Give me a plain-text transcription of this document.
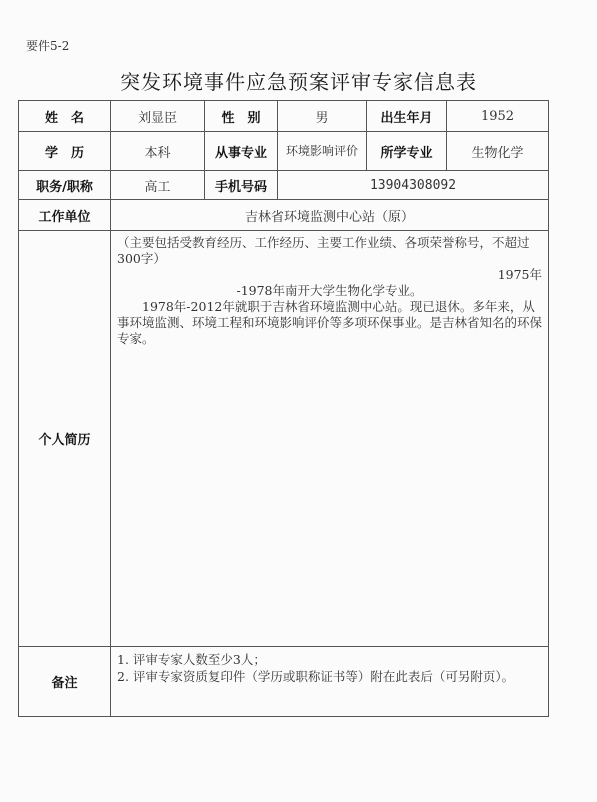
要件5-2
突发环境事件应急预案评审专家信息表
姓　名	刘显臣	性　别	男	出生年月	1952
学　历	本科	从事专业	环境影响评价	所学专业	生物化学
职务/职称	高工	手机号码	13904308092		
工作单位	吉林省环境监测中心站（原）				
个人简历	（主要包括受教育经历、工作经历、主要工作业绩、各项荣誉称号，不超过300字）

1975年

-1978年南开大学生物化学专业。

1978年-2012年就职于吉林省环境监测中心站。现已退休。多年来，从事环境监测、环境工程和环境影响评价等多项环保事业。是吉林省知名的环保专家。				

备注	1. 评审专家人数至少3人；

2. 评审专家资质复印件（学历或职称证书等）附在此表后（可另附页）。				
